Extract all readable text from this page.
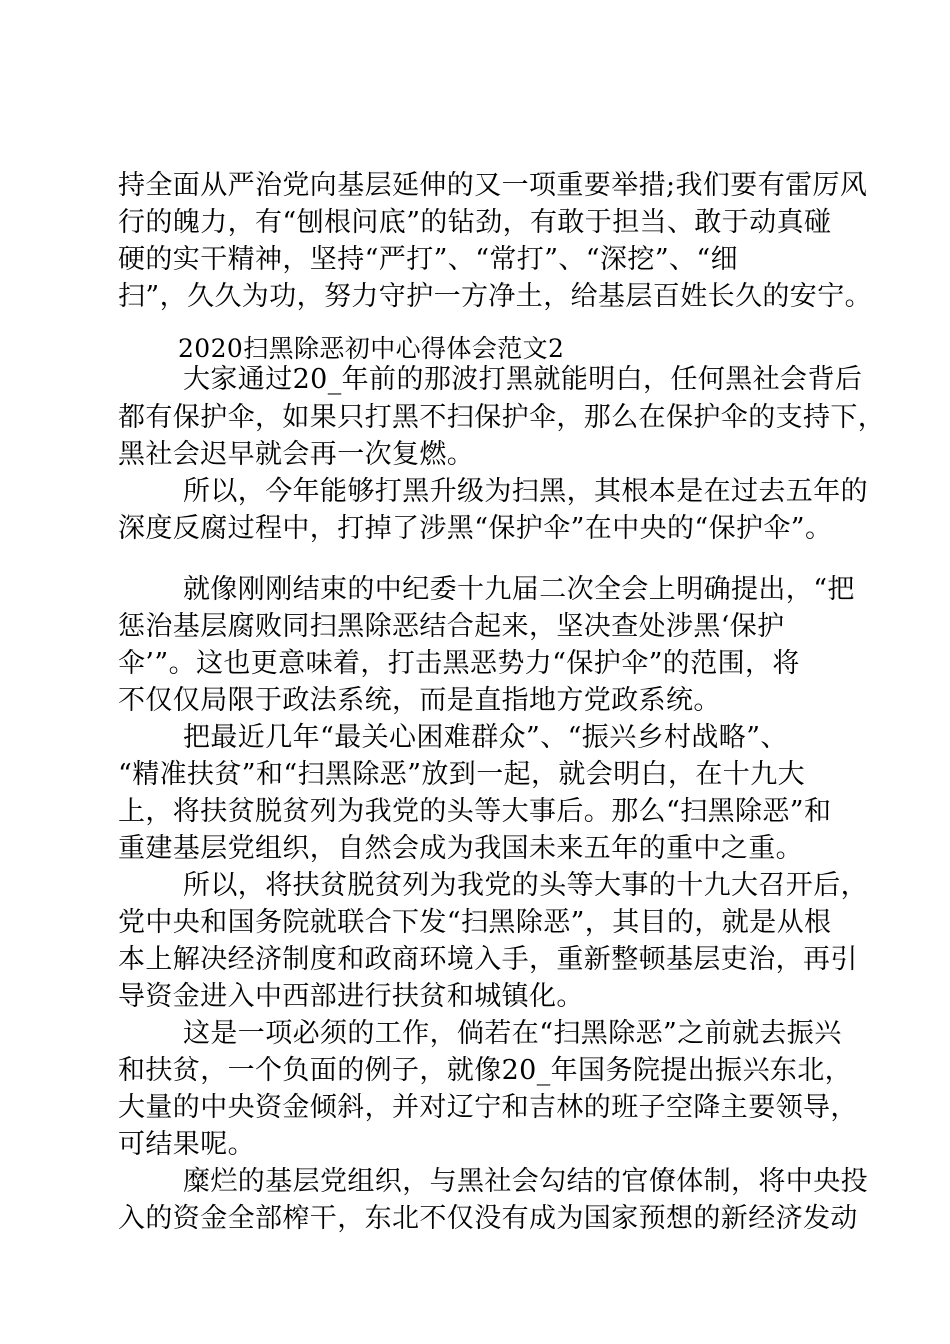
持全面从严治党向基层延伸的又一项重要举措;我们要有雷厉风

行的魄力，有“刨根问底”的钻劲，有敢于担当、敢于动真碰

硬的实干精神，坚持“严打”、“常打”、“深挖”、“细

扫”，久久为功，努力守护一方净土，给基层百姓长久的安宁。

2020扫黑除恶初中心得体会范文2

大家通过20_年前的那波打黑就能明白，任何黑社会背后

都有保护伞，如果只打黑不扫保护伞，那么在保护伞的支持下，

黑社会迟早就会再一次复燃。

所以，今年能够打黑升级为扫黑，其根本是在过去五年的

深度反腐过程中，打掉了涉黑“保护伞”在中央的“保护伞”。

就像刚刚结束的中纪委十九届二次全会上明确提出，“把

惩治基层腐败同扫黑除恶结合起来，坚决查处涉黑‘保护

伞’”。这也更意味着，打击黑恶势力“保护伞”的范围，将

不仅仅局限于政法系统，而是直指地方党政系统。

把最近几年“最关心困难群众”、“振兴乡村战略”、

“精准扶贫”和“扫黑除恶”放到一起，就会明白，在十九大

上，将扶贫脱贫列为我党的头等大事后。那么“扫黑除恶”和

重建基层党组织，自然会成为我国未来五年的重中之重。

所以，将扶贫脱贫列为我党的头等大事的十九大召开后，

党中央和国务院就联合下发“扫黑除恶”，其目的，就是从根

本上解决经济制度和政商环境入手，重新整顿基层吏治，再引

导资金进入中西部进行扶贫和城镇化。

这是一项必须的工作，倘若在“扫黑除恶”之前就去振兴

和扶贫，一个负面的例子，就像20_年国务院提出振兴东北，

大量的中央资金倾斜，并对辽宁和吉林的班子空降主要领导，

可结果呢。

糜烂的基层党组织，与黑社会勾结的官僚体制，将中央投

入的资金全部榨干，东北不仅没有成为国家预想的新经济发动
